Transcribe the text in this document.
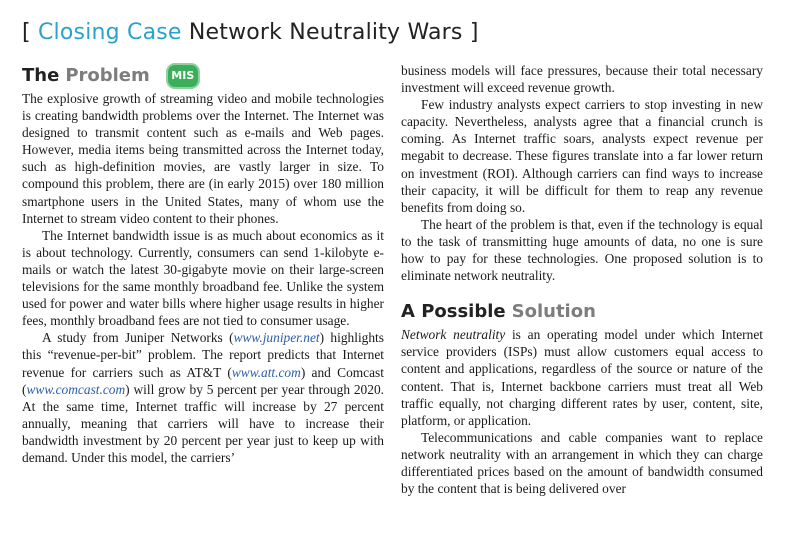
[ Closing Case Network Neutrality Wars ]
The Problem MIS

The explosive growth of streaming video and mobile technologies is creating bandwidth problems over the Internet. The Internet was designed to transmit content such as e-mails and Web pages. However, media items being transmitted across the Internet today, such as high-definition movies, are vastly larger in size. To compound this problem, there are (in early 2015) over 180 million smartphone users in the United States, many of whom use the Internet to stream video content to their phones.

The Internet bandwidth issue is as much about economics as it is about technology. Currently, consumers can send 1-kilobyte e-mails or watch the latest 30-gigabyte movie on their large-screen televisions for the same monthly broadband fee. Unlike the system used for power and water bills where higher usage results in higher fees, monthly broadband fees are not tied to consumer usage.

A study from Juniper Networks (www.juniper.net) highlights this “revenue-per-bit” problem. The report predicts that Internet revenue for carriers such as AT&T (www.att.com) and Comcast (www.comcast.com) will grow by 5 percent per year through 2020. At the same time, Internet traffic will increase by 27 percent annually, meaning that carriers will have to increase their bandwidth investment by 20 percent per year just to keep up with demand. Under this model, the carriers’

business models will face pressures, because their total necessary investment will exceed revenue growth.

Few industry analysts expect carriers to stop investing in new capacity. Nevertheless, analysts agree that a financial crunch is coming. As Internet traffic soars, analysts expect revenue per megabit to decrease. These figures translate into a far lower return on investment (ROI). Although carriers can find ways to increase their capacity, it will be difficult for them to reap any revenue benefits from doing so.

The heart of the problem is that, even if the technology is equal to the task of transmitting huge amounts of data, no one is sure how to pay for these technologies. One proposed solution is to eliminate network neutrality.

A Possible Solution

Network neutrality is an operating model under which Internet service providers (ISPs) must allow customers equal access to content and applications, regardless of the source or nature of the content. That is, Internet backbone carriers must treat all Web traffic equally, not charging different rates by user, content, site, platform, or application.

Telecommunications and cable companies want to replace network neutrality with an arrangement in which they can charge differentiated prices based on the amount of bandwidth consumed by the content that is being delivered over
